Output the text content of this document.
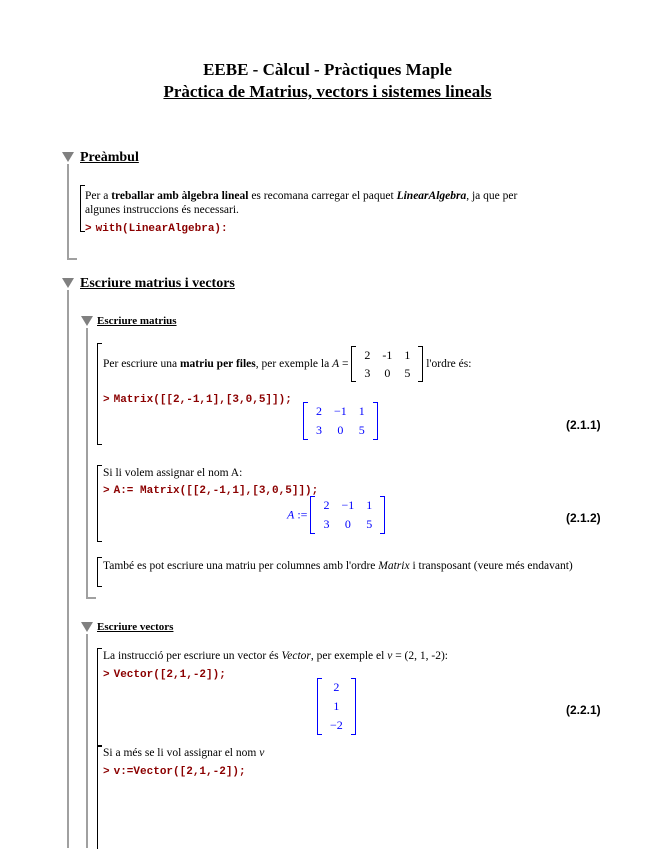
EEBE - Càlcul - Pràctiques Maple
Pràctica de Matrius, vectors i sistemes lineals
Preàmbul
Per a treballar amb àlgebra lineal es recomana carregar el paquet LinearAlgebra, ja que per algunes instruccions és necessari.
> with(LinearAlgebra):
Escriure matrius i vectors
Escriure matrius
Per escriure una matriu per files, per exemple la A =
2	-1	1
3	0	5
l'ordre és:
> Matrix([[2,-1,1],[3,0,5]]);
2	−1	1
3	0	5	(2.1.1)
Si li volem assignar el nom A:
> A:= Matrix([[2,-1,1],[3,0,5]]);
A :=
2	−1	1
3	0	5	(2.1.2)
També es pot escriure una matriu per columnes amb l'ordre Matrix i transposant (veure més endavant)
Escriure vectors
La instrucció per escriure un vector és Vector, per exemple el v = (2, 1, -2):
> Vector([2,1,-2]);
2
1
−2
(2.2.1)
Si a més se li vol assignar el nom v
> v:=Vector([2,1,-2]);
